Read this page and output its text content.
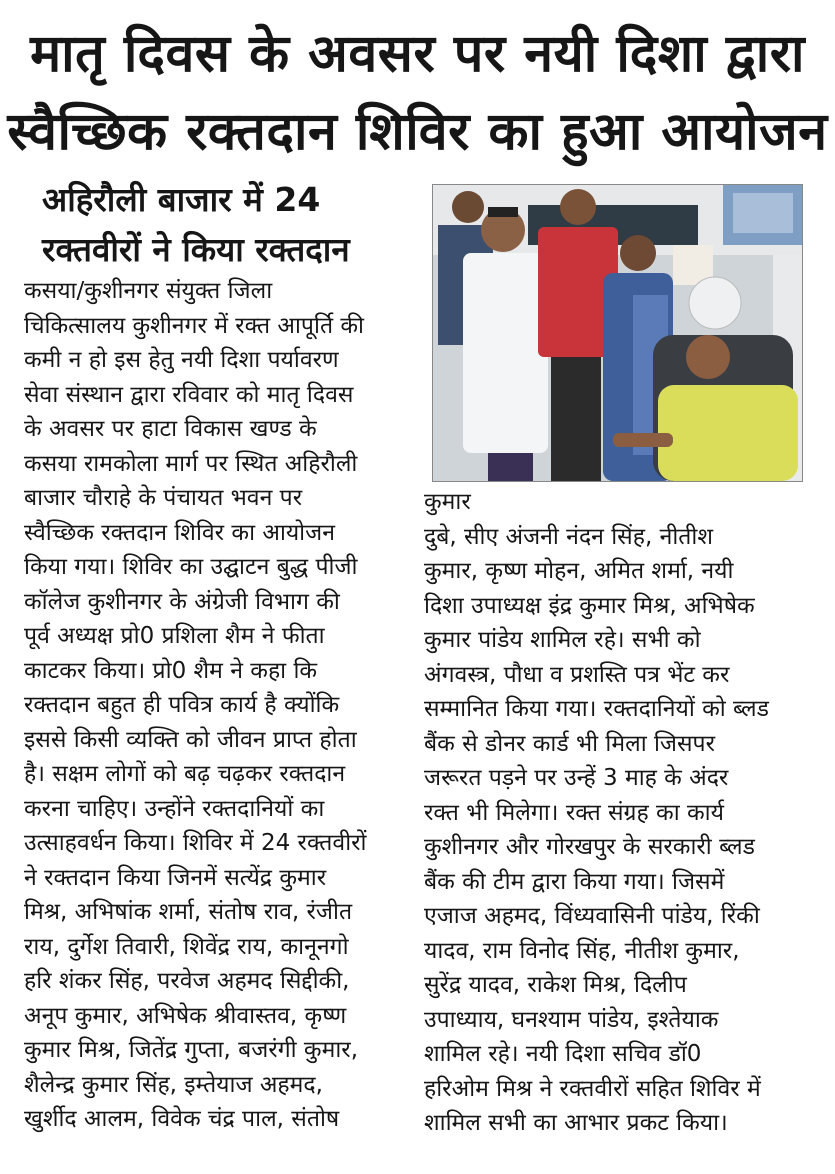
मातृ दिवस के अवसर पर नयी दिशा द्वारा
स्वैच्छिक रक्तदान शिविर का हुआ आयोजन
अहिरौली बाजार में 24
रक्तवीरों ने किया रक्तदान
कसया/कुशीनगर संयुक्त जिला
चिकित्सालय कुशीनगर में रक्त आपूर्ति की
कमी न हो इस हेतु नयी दिशा पर्यावरण
सेवा संस्थान द्वारा रविवार को मातृ दिवस
के अवसर पर हाटा विकास खण्ड के
कसया रामकोला मार्ग पर स्थित अहिरौली
बाजार चौराहे के पंचायत भवन पर
स्वैच्छिक रक्तदान शिविर का आयोजन
किया गया। शिविर का उद्घाटन बुद्ध पीजी
कॉलेज कुशीनगर के अंग्रेजी विभाग की
पूर्व अध्यक्ष प्रो0 प्रशिला शैम ने फीता
काटकर किया। प्रो0 शैम ने कहा कि
रक्तदान बहुत ही पवित्र कार्य है क्योंकि
इससे किसी व्यक्ति को जीवन प्राप्त होता
है। सक्षम लोगों को बढ़ चढ़कर रक्तदान
करना चाहिए। उन्होंने रक्तदानियों का
उत्साहवर्धन किया। शिविर में 24 रक्तवीरों
ने रक्तदान किया जिनमें सत्येंद्र कुमार
मिश्र, अभिषांक शर्मा, संतोष राव, रंजीत
राय, दुर्गेश तिवारी, शिवेंद्र राय, कानूनगो
हरि शंकर सिंह, परवेज अहमद सिद्दीकी,
अनूप कुमार, अभिषेक श्रीवास्तव, कृष्ण
कुमार मिश्र, जितेंद्र गुप्ता, बजरंगी कुमार,
शैलेन्द्र कुमार सिंह, इम्तेयाज अहमद,
खुर्शीद आलम, विवेक चंद्र पाल, संतोष
कुमार
दुबे, सीए अंजनी नंदन सिंह, नीतीश
कुमार, कृष्ण मोहन, अमित शर्मा, नयी
दिशा उपाध्यक्ष इंद्र कुमार मिश्र, अभिषेक
कुमार पांडेय शामिल रहे। सभी को
अंगवस्त्र, पौधा व प्रशस्ति पत्र भेंट कर
सम्मानित किया गया। रक्तदानियों को ब्लड
बैंक से डोनर कार्ड भी मिला जिसपर
जरूरत पड़ने पर उन्हें 3 माह के अंदर
रक्त भी मिलेगा। रक्त संग्रह का कार्य
कुशीनगर और गोरखपुर के सरकारी ब्लड
बैंक की टीम द्वारा किया गया। जिसमें
एजाज अहमद, विंध्यवासिनी पांडेय, रिंकी
यादव, राम विनोद सिंह, नीतीश कुमार,
सुरेंद्र यादव, राकेश मिश्र, दिलीप
उपाध्याय, घनश्याम पांडेय, इश्तेयाक
शामिल रहे। नयी दिशा सचिव डॉ0
हरिओम मिश्र ने रक्तवीरों सहित शिविर में
शामिल सभी का आभार प्रकट किया।
